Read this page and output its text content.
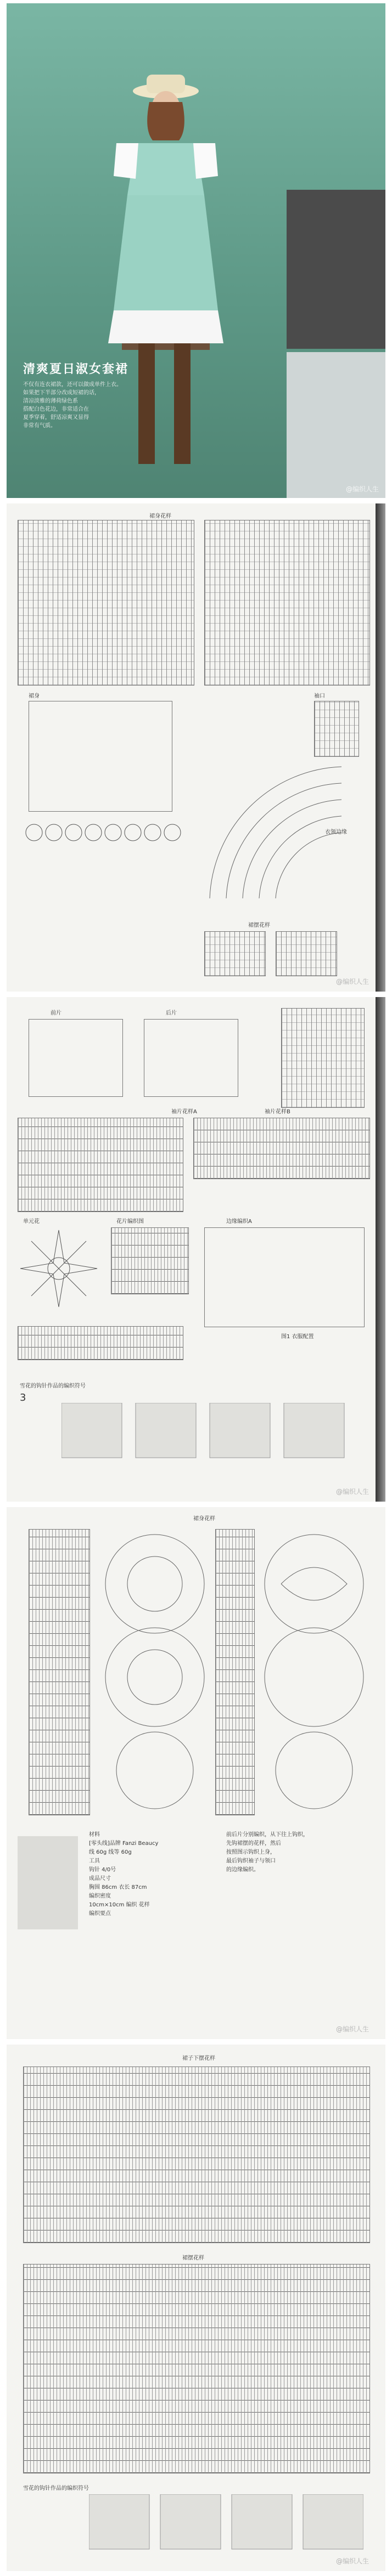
清爽夏日淑女套裙
不仅有连衣裙款，还可以做成单件上衣。
如果把下半部分改成短裙的话，
清凉淡雅的薄荷绿色系
搭配白色花边，非常适合在
夏季穿着，舒适凉爽又显得
非常有气质。
@编织人生
裙身花样
裙身	袖口
衣领边缘
裙摆花样
@编织人生
前片	后片
袖片花样A	袖片花样B
单元花	花片编织图	边缘编织A
图1 衣服配置
雪花的钩针作品的编织符号
3
@编织人生
裙身花样
材料
[零头线]品牌 Fanzi Beaucy
线 60g 线等 60g
工具
钩针 4/0号
成品尺寸
胸围 86cm 衣长 87cm
编织密度
10cm×10cm 编织 花样
编织要点
前后片分别编织，从下往上钩织，
先钩裙摆的花样，然后
按照图示钩织上身，
最后钩织袖子与领口
的边缘编织。
@编织人生
裙子下摆花样
裙摆花样
雪花的钩针作品的编织符号
@编织人生
